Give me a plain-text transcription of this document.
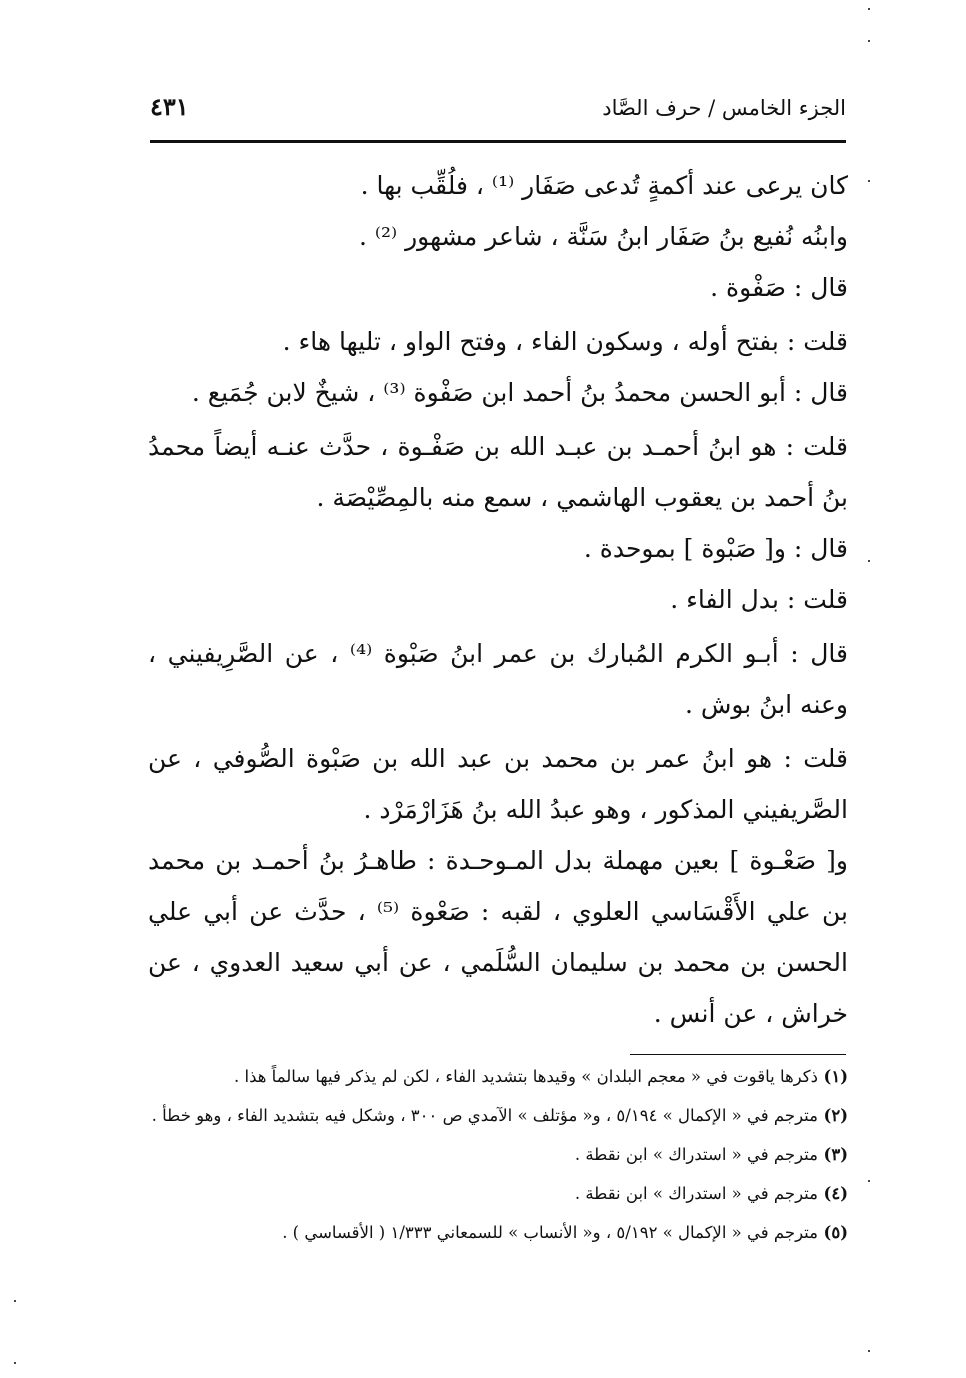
الجزء الخامس / حرف الصَّاد
٤٣١

كان يرعى عند أكمةٍ تُدعى صَفَار ⁽¹⁾ ، فلُقِّب بها .

وابنُه نُفيع بنُ صَفَار ابنُ سَنَّة ، شاعر مشهور ⁽²⁾ .

قال : صَفْوة .

قلت : بفتح أوله ، وسكون الفاء ، وفتح الواو ، تليها هاء .

قال : أبو الحسن محمدُ بنُ أحمد ابن صَفْوة ⁽³⁾ ، شيخٌ لابن جُمَيع .

قلت : هو ابنُ أحمـد بن عبـد الله بن صَفْـوة ، حدَّث عنـه أيضاً محمدُ بنُ أحمد بن يعقوب الهاشمي ، سمع منه بالمِصِّيْصَة .

قال : و[ صَبْوة ] بموحدة .

قلت : بدل الفاء .

قال : أبـو الكرم المُبارك بن عمر ابنُ صَبْوة ⁽⁴⁾ ، عن الصَّرِيفيني ، وعنه ابنُ بوش .

قلت : هو ابنُ عمر بن محمد بن عبد الله بن صَبْوة الصُّوفي ، عن الصَّريفيني المذكور ، وهو عبدُ الله بنُ هَزَارْمَرْد .

و[ صَعْـوة ] بعين مهملة بدل المـوحـدة : طاهـرُ بنُ أحمـد بن محمد بن علي الأَقْسَاسي العلوي ، لقبه : صَعْوة ⁽⁵⁾ ، حدَّث عن أبي علي الحسن بن محمد بن سليمان السُّلَمي ، عن أبي سعيد العدوي ، عن خراش ، عن أنس .

(١)
ذكرها ياقوت في « معجم البلدان » وقيدها بتشديد الفاء ، لكن لم يذكر فيها سالماً هذا .
(٢)
مترجم في « الإكمال » ٥/١٩٤ ، و« مؤتلف » الآمدي ص ٣٠٠ ، وشكل فيه بتشديد الفاء ، وهو خطأ .
(٣)
مترجم في « استدراك » ابن نقطة .
(٤)
مترجم في « استدراك » ابن نقطة .
(٥)
مترجم في « الإكمال » ٥/١٩٢ ، و« الأنساب » للسمعاني ١/٣٣٣ ( الأقساسي ) .
